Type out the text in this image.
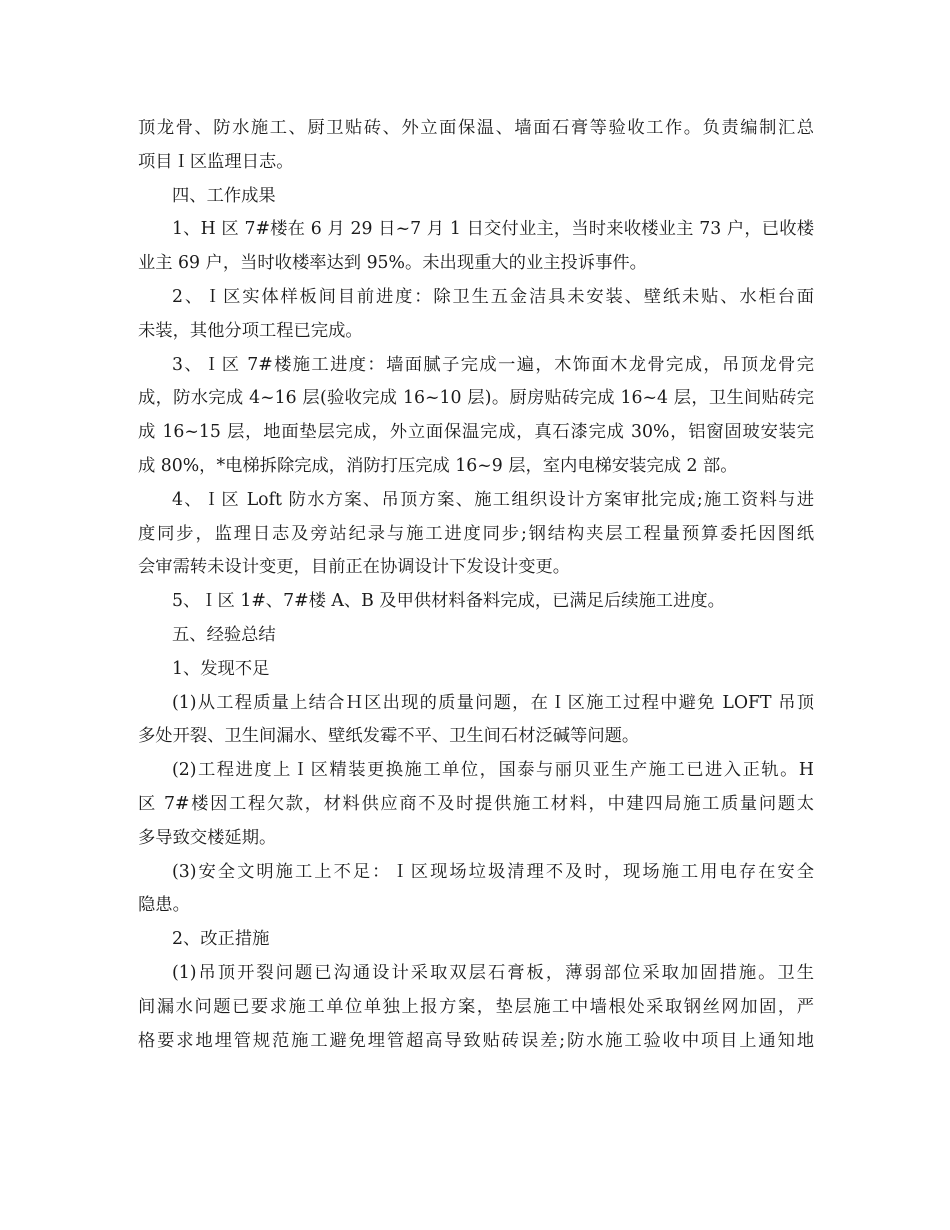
顶龙骨、防水施工、厨卫贴砖、外立面保温、墙面石膏等验收工作。负责编制汇总
项目Ｉ区监理日志。
四、工作成果
1、H 区 7#楼在 6 月 29 日~7 月 1 日交付业主，当时来收楼业主 73 户，已收楼
业主 69 户，当时收楼率达到 95%。未出现重大的业主投诉事件。
2、Ｉ区实体样板间目前进度：除卫生五金洁具未安装、壁纸未贴、水柜台面
未装，其他分项工程已完成。
3、Ｉ区 7#楼施工进度：墙面腻子完成一遍，木饰面木龙骨完成，吊顶龙骨完
成，防水完成 4~16 层(验收完成 16~10 层)。厨房贴砖完成 16~4 层，卫生间贴砖完
成 16~15 层，地面垫层完成，外立面保温完成，真石漆完成 30%，铝窗固玻安装完
成 80%，*电梯拆除完成，消防打压完成 16~9 层，室内电梯安装完成 2 部。
4、Ｉ区 Loft 防水方案、吊顶方案、施工组织设计方案审批完成;施工资料与进
度同步，监理日志及旁站纪录与施工进度同步;钢结构夹层工程量预算委托因图纸
会审需转未设计变更，目前正在协调设计下发设计变更。
5、Ｉ区 1#、7#楼 A、B 及甲供材料备料完成，已满足后续施工进度。
五、经验总结
1、发现不足
(1)从工程质量上结合Ｈ区出现的质量问题，在Ｉ区施工过程中避免 LOFT 吊顶
多处开裂、卫生间漏水、壁纸发霉不平、卫生间石材泛碱等问题。
(2)工程进度上Ｉ区精装更换施工单位，国泰与丽贝亚生产施工已进入正轨。H
区 7#楼因工程欠款，材料供应商不及时提供施工材料，中建四局施工质量问题太
多导致交楼延期。
(3)安全文明施工上不足：Ｉ区现场垃圾清理不及时，现场施工用电存在安全
隐患。
2、改正措施
(1)吊顶开裂问题已沟通设计采取双层石膏板，薄弱部位采取加固措施。卫生
间漏水问题已要求施工单位单独上报方案，垫层施工中墙根处采取钢丝网加固，严
格要求地埋管规范施工避免埋管超高导致贴砖误差;防水施工验收中项目上通知地
